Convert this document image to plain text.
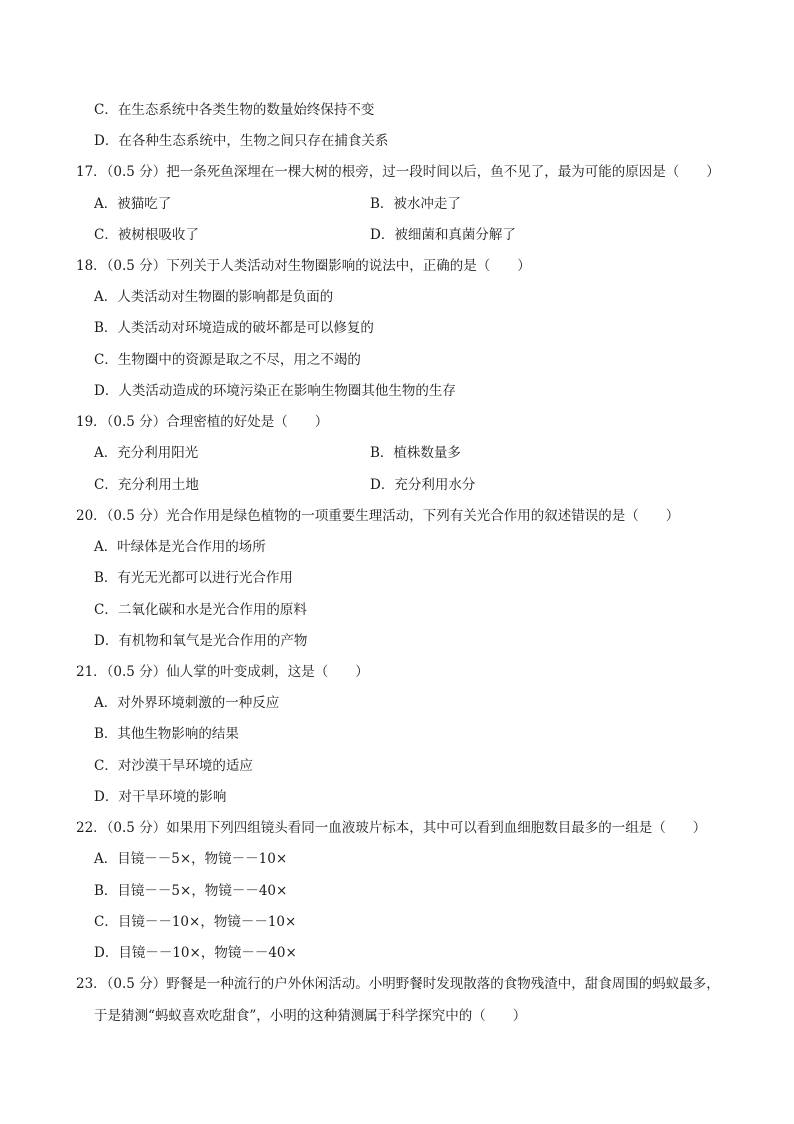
C．在生态系统中各类生物的数量始终保持不变
D．在各种生态系统中，生物之间只存在捕食关系
17．（0.5 分）把一条死鱼深埋在一棵大树的根旁，过一段时间以后，鱼不见了，最为可能的原因是（　　）
A．被猫吃了	B．被水冲走了
C．被树根吸收了	D．被细菌和真菌分解了
18．（0.5 分）下列关于人类活动对生物圈影响的说法中，正确的是（　　）
A．人类活动对生物圈的影响都是负面的
B．人类活动对环境造成的破坏都是可以修复的
C．生物圈中的资源是取之不尽，用之不竭的
D．人类活动造成的环境污染正在影响生物圈其他生物的生存
19．（0.5 分）合理密植的好处是（　　）
A．充分利用阳光	B．植株数量多
C．充分利用土地	D．充分利用水分
20．（0.5 分）光合作用是绿色植物的一项重要生理活动，下列有关光合作用的叙述错误的是（　　）
A．叶绿体是光合作用的场所
B．有光无光都可以进行光合作用
C．二氧化碳和水是光合作用的原料
D．有机物和氧气是光合作用的产物
21．（0.5 分）仙人掌的叶变成刺，这是（　　）
A．对外界环境刺激的一种反应
B．其他生物影响的结果
C．对沙漠干旱环境的适应
D．对干旱环境的影响
22．（0.5 分）如果用下列四组镜头看同一血液玻片标本，其中可以看到血细胞数目最多的一组是（　　）
A．目镜－－5×，物镜－－10×
B．目镜－－5×，物镜－－40×
C．目镜－－10×，物镜－－10×
D．目镜－－10×，物镜－－40×
23．（0.5 分）野餐是一种流行的户外休闲活动。小明野餐时发现散落的食物残渣中，甜食周围的蚂蚁最多，
于是猜测“蚂蚁喜欢吃甜食”，小明的这种猜测属于科学探究中的（　　）
